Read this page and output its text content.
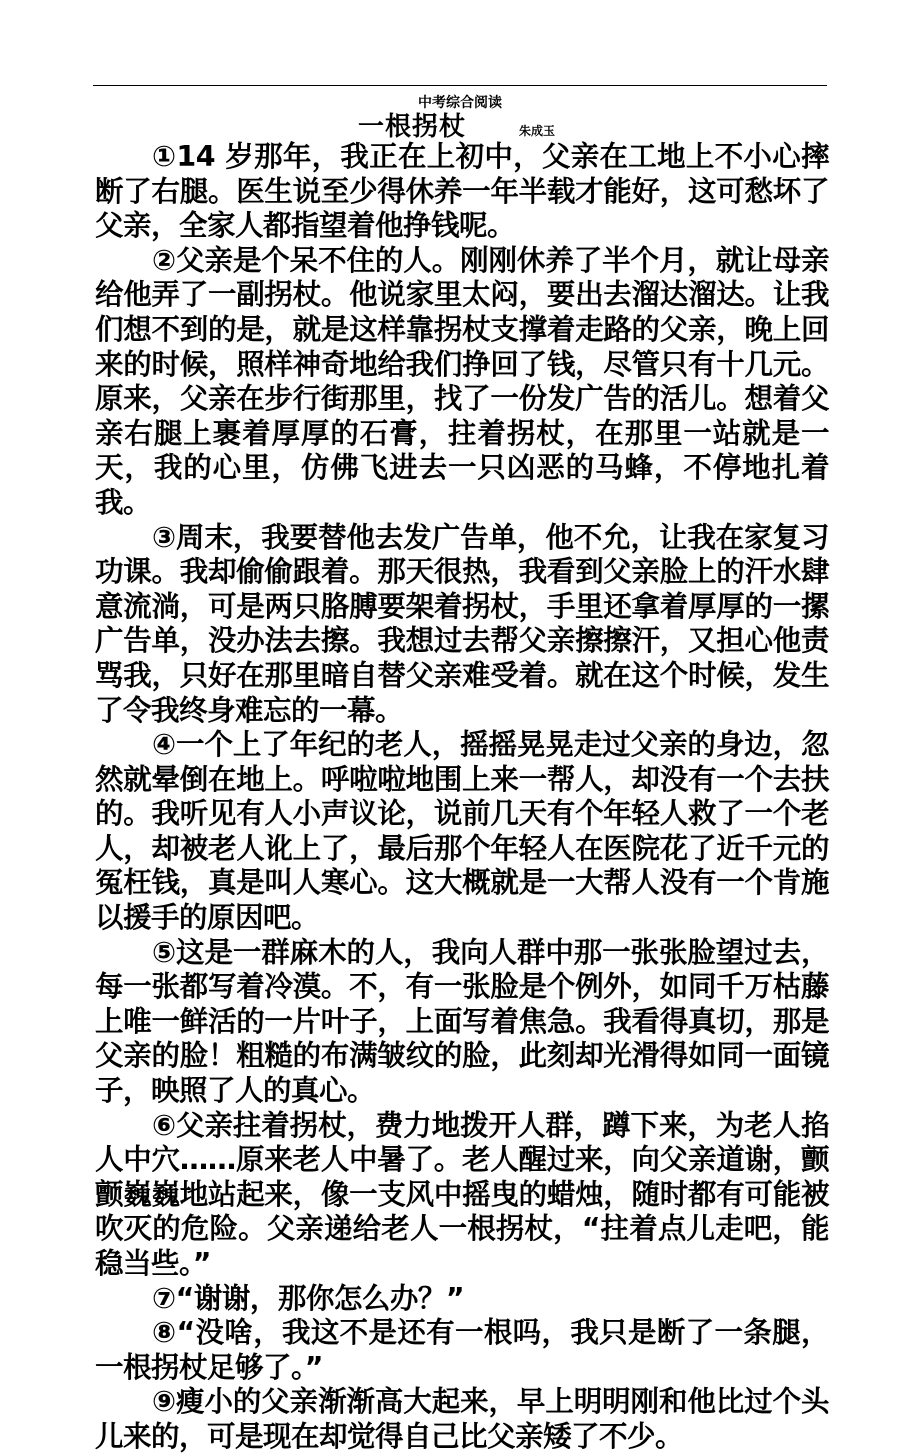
中考综合阅读
一根拐杖	朱成玉

①14 岁那年，我正在上初中，父亲在工地上不小心摔断了右腿。医生说至少得休养一年半载才能好，这可愁坏了父亲，全家人都指望着他挣钱呢。

②父亲是个呆不住的人。刚刚休养了半个月，就让母亲给他弄了一副拐杖。他说家里太闷，要出去溜达溜达。让我们想不到的是，就是这样靠拐杖支撑着走路的父亲，晚上回来的时候，照样神奇地给我们挣回了钱，尽管只有十几元。原来，父亲在步行街那里，找了一份发广告的活儿。想着父亲右腿上裹着厚厚的石膏，拄着拐杖，在那里一站就是一天，我的心里，仿佛飞进去一只凶恶的马蜂，不停地扎着我。

③周末，我要替他去发广告单，他不允，让我在家复习功课。我却偷偷跟着。那天很热，我看到父亲脸上的汗水肆意流淌，可是两只胳膊要架着拐杖，手里还拿着厚厚的一摞广告单，没办法去擦。我想过去帮父亲擦擦汗，又担心他责骂我，只好在那里暗自替父亲难受着。就在这个时候，发生了令我终身难忘的一幕。

④一个上了年纪的老人，摇摇晃晃走过父亲的身边，忽然就晕倒在地上。呼啦啦地围上来一帮人，却没有一个去扶的。我听见有人小声议论，说前几天有个年轻人救了一个老人，却被老人讹上了，最后那个年轻人在医院花了近千元的冤枉钱，真是叫人寒心。这大概就是一大帮人没有一个肯施以援手的原因吧。

⑤这是一群麻木的人，我向人群中那一张张脸望过去，每一张都写着冷漠。不，有一张脸是个例外，如同千万枯藤上唯一鲜活的一片叶子，上面写着焦急。我看得真切，那是父亲的脸！粗糙的布满皱纹的脸，此刻却光滑得如同一面镜子，映照了人的真心。

⑥父亲拄着拐杖，费力地拨开人群，蹲下来，为老人掐人中穴……原来老人中暑了。老人醒过来，向父亲道谢，颤颤巍巍地站起来，像一支风中摇曳的蜡烛，随时都有可能被吹灭的危险。父亲递给老人一根拐杖，“拄着点儿走吧，能稳当些。”

⑦“谢谢，那你怎么办？”

⑧“没啥，我这不是还有一根吗，我只是断了一条腿，一根拐杖足够了。”

⑨瘦小的父亲渐渐高大起来，早上明明刚和他比过个头儿来的，可是现在却觉得自己比父亲矮了不少。
